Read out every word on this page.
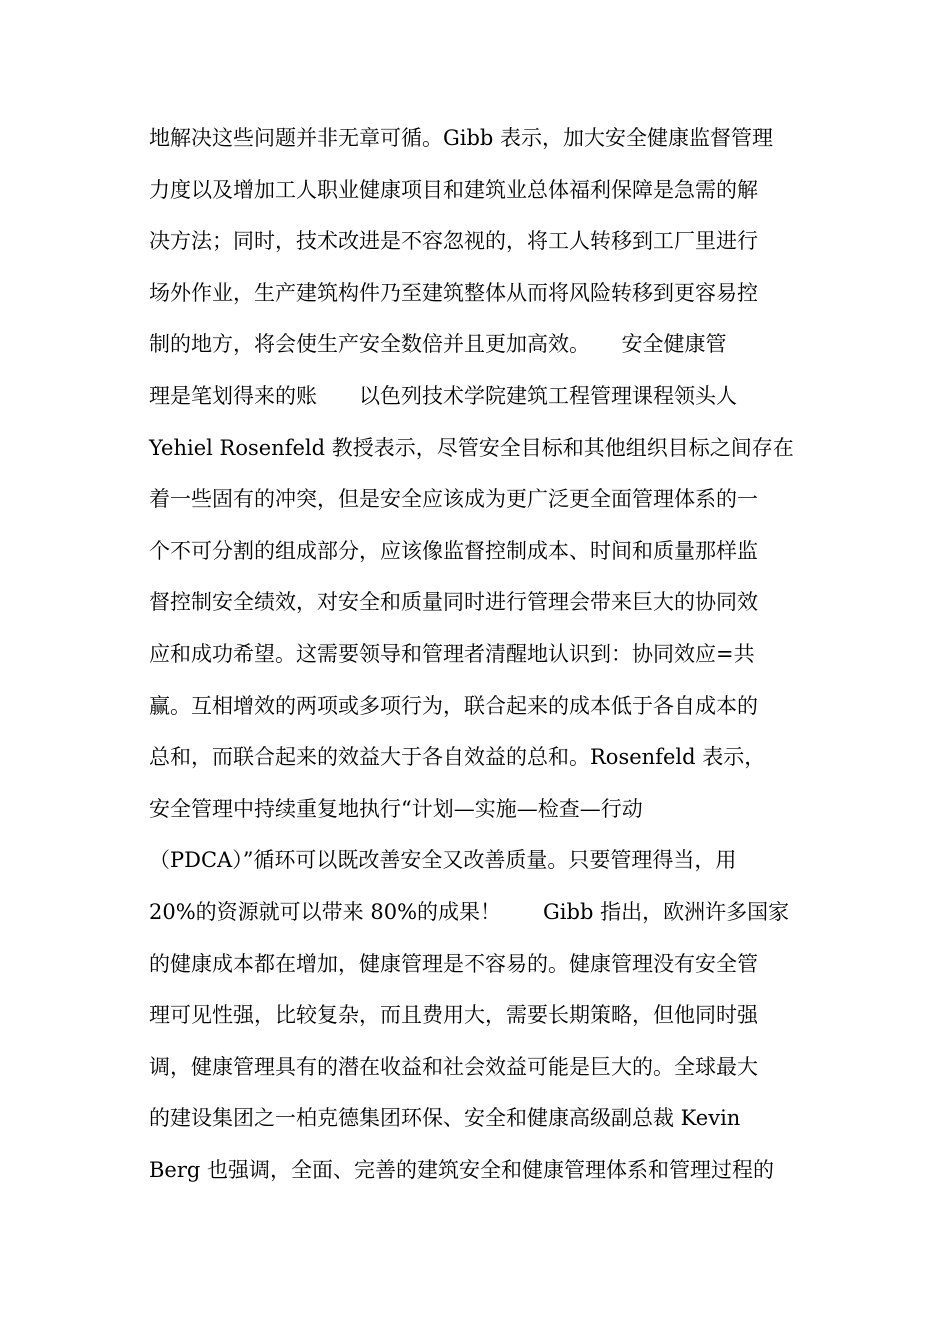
地解决这些问题并非无章可循。Gibb 表示，加大安全健康监督管理
力度以及增加工人职业健康项目和建筑业总体福利保障是急需的解
决方法；同时，技术改进是不容忽视的，将工人转移到工厂里进行
场外作业，生产建筑构件乃至建筑整体从而将风险转移到更容易控
制的地方，将会使生产安全数倍并且更加高效。　　安全健康管
理是笔划得来的账　　以色列技术学院建筑工程管理课程领头人
Yehiel Rosenfeld 教授表示，尽管安全目标和其他组织目标之间存在
着一些固有的冲突，但是安全应该成为更广泛更全面管理体系的一
个不可分割的组成部分，应该像监督控制成本、时间和质量那样监
督控制安全绩效，对安全和质量同时进行管理会带来巨大的协同效
应和成功希望。这需要领导和管理者清醒地认识到：协同效应=共
赢。互相增效的两项或多项行为，联合起来的成本低于各自成本的
总和，而联合起来的效益大于各自效益的总和。Rosenfeld 表示，
安全管理中持续重复地执行“计划—实施—检查—行动
（PDCA）”循环可以既改善安全又改善质量。只要管理得当，用
20%的资源就可以带来 80%的成果！　　Gibb 指出，欧洲许多国家
的健康成本都在增加，健康管理是不容易的。健康管理没有安全管
理可见性强，比较复杂，而且费用大，需要长期策略，但他同时强
调，健康管理具有的潜在收益和社会效益可能是巨大的。全球最大
的建设集团之一柏克德集团环保、安全和健康高级副总裁 Kevin
Berg 也强调，全面、完善的建筑安全和健康管理体系和管理过程的
